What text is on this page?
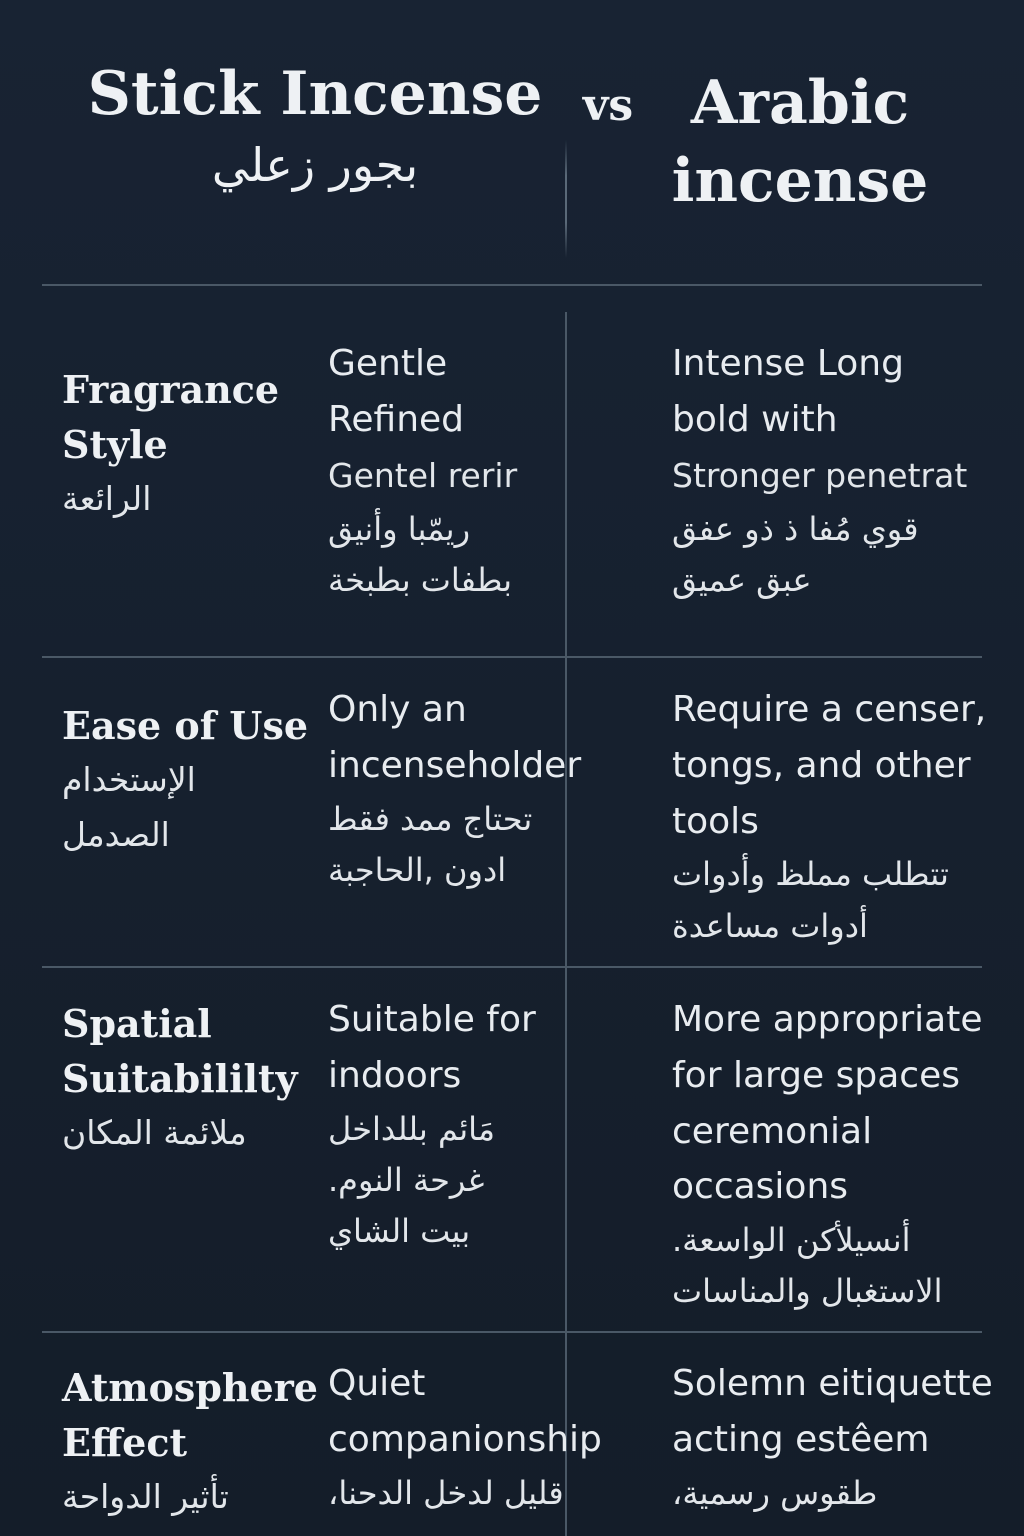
Stick Incense
بجور زعلي
vs Arabic
incense
Fragrance
Style
الرائعة
Gentle
Refined
Gentel rerir
ريمّبا وأنيق
بطفات بطبخة
Intense Long
bold with
Stronger penetrat
قوي مُفا ذ ذو عفق
عبق عميق
Ease of Use
الإستخدام
الصدمل
Only an
incenseholder
تحتاج ممد فقط
ادون ,الحاجبة
Require a censer,
tongs, and other
tools
تتطلب مملظ وأدوات
أدوات مساعدة
Spatial
Suitabililty
ملائمة المكان
Suitable for
indoors
مَائم بللداخل
غرحة النوم.
بيت الشاي
More appropriate
for large spaces
ceremonial
occasions
أنسيلأكن الواسعة.
الاستغبال والمناسات
Atmosphere
Effect
تأثير الدواحة
Quiet
companionship
قليل لدخل الدحنا،
Solemn eitiquette
acting estêem
طقوس رسمية،
